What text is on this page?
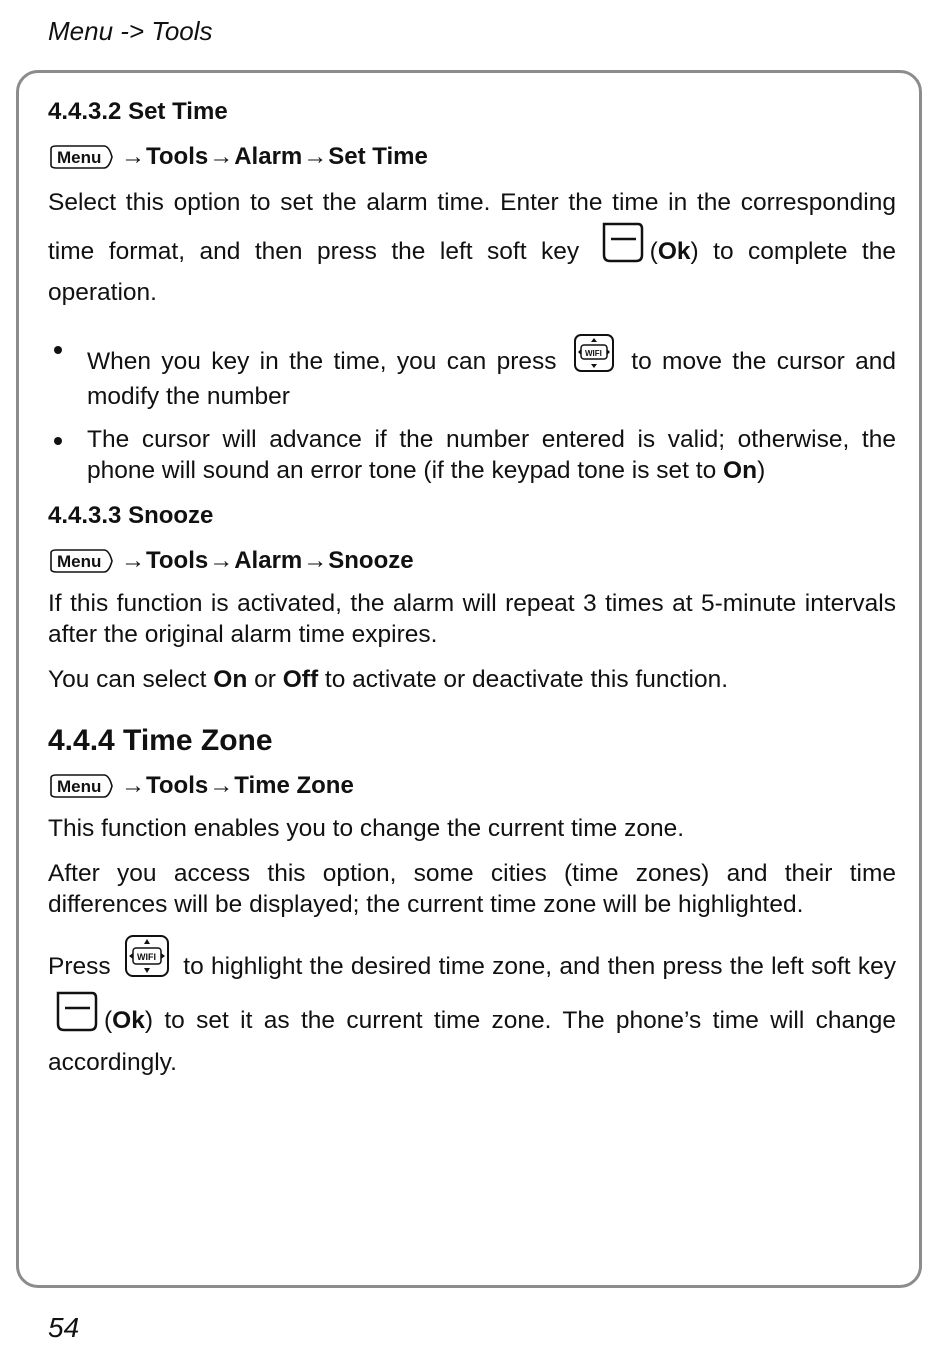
Menu -> Tools
4.4.3.2 Set Time
Menu → Tools → Alarm → Set Time

Select this option to set the alarm time. Enter the time in the corresponding time format, and then press the left soft key	(Ok) to complete the operation.

When you key in the time, you can press	WIFI to move the cursor and modify the number
The cursor will advance if the number entered is valid; otherwise, the phone will sound an error tone (if the keypad tone is set to On)
4.4.3.3 Snooze
Menu → Tools → Alarm → Snooze

If this function is activated, the alarm will repeat 3 times at 5-minute intervals after the original alarm time expires.

You can select On or Off to activate or deactivate this function.

4.4.4 Time Zone
Menu → Tools → Time Zone

This function enables you to change the current time zone.

After you access this option, some cities (time zones) and their time differences will be displayed; the current time zone will be highlighted.

Press	WIFI to highlight the desired time zone, and then press the left soft key (Ok) to set it as the current time zone. The phone’s time will change accordingly.

54
